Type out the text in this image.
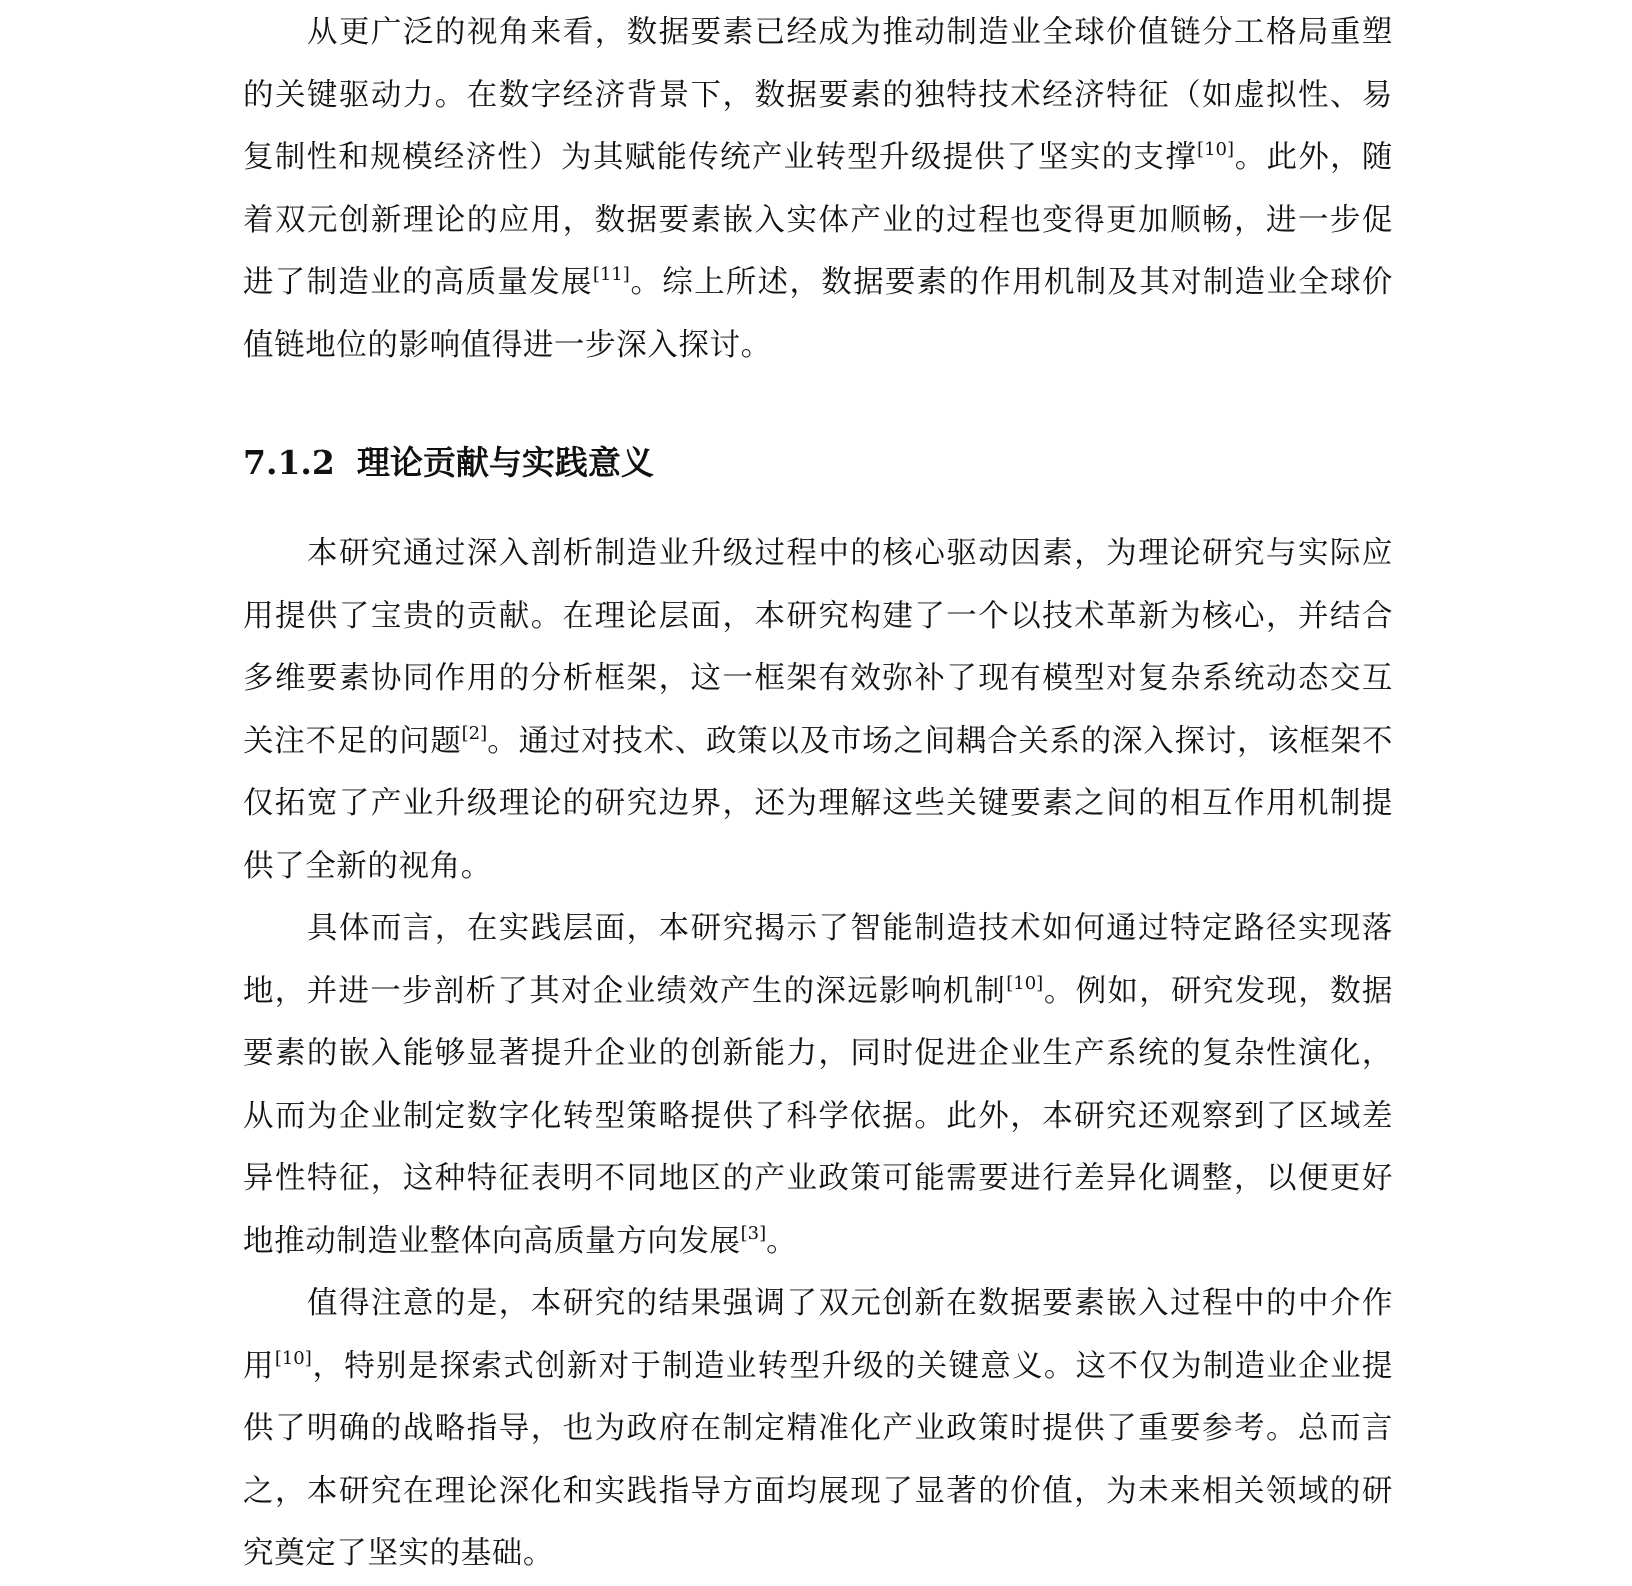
从更广泛的视角来看，数据要素已经成为推动制造业全球价值链分工格局重塑的关键驱动力。在数字经济背景下，数据要素的独特技术经济特征（如虚拟性、易复制性和规模经济性）为其赋能传统产业转型升级提供了坚实的支撑[10]。此外，随着双元创新理论的应用，数据要素嵌入实体产业的过程也变得更加顺畅，进一步促进了制造业的高质量发展[11]。综上所述，数据要素的作用机制及其对制造业全球价值链地位的影响值得进一步深入探讨。

7.1.2 理论贡献与实践意义

本研究通过深入剖析制造业升级过程中的核心驱动因素，为理论研究与实际应用提供了宝贵的贡献。在理论层面，本研究构建了一个以技术革新为核心，并结合多维要素协同作用的分析框架，这一框架有效弥补了现有模型对复杂系统动态交互关注不足的问题[2]。通过对技术、政策以及市场之间耦合关系的深入探讨，该框架不仅拓宽了产业升级理论的研究边界，还为理解这些关键要素之间的相互作用机制提供了全新的视角。

具体而言，在实践层面，本研究揭示了智能制造技术如何通过特定路径实现落地，并进一步剖析了其对企业绩效产生的深远影响机制[10]。例如，研究发现，数据要素的嵌入能够显著提升企业的创新能力，同时促进企业生产系统的复杂性演化，从而为企业制定数字化转型策略提供了科学依据。此外，本研究还观察到了区域差异性特征，这种特征表明不同地区的产业政策可能需要进行差异化调整，以便更好地推动制造业整体向高质量方向发展[3]。

值得注意的是，本研究的结果强调了双元创新在数据要素嵌入过程中的中介作用[10]，特别是探索式创新对于制造业转型升级的关键意义。这不仅为制造业企业提供了明确的战略指导，也为政府在制定精准化产业政策时提供了重要参考。总而言之，本研究在理论深化和实践指导方面均展现了显著的价值，为未来相关领域的研究奠定了坚实的基础。
